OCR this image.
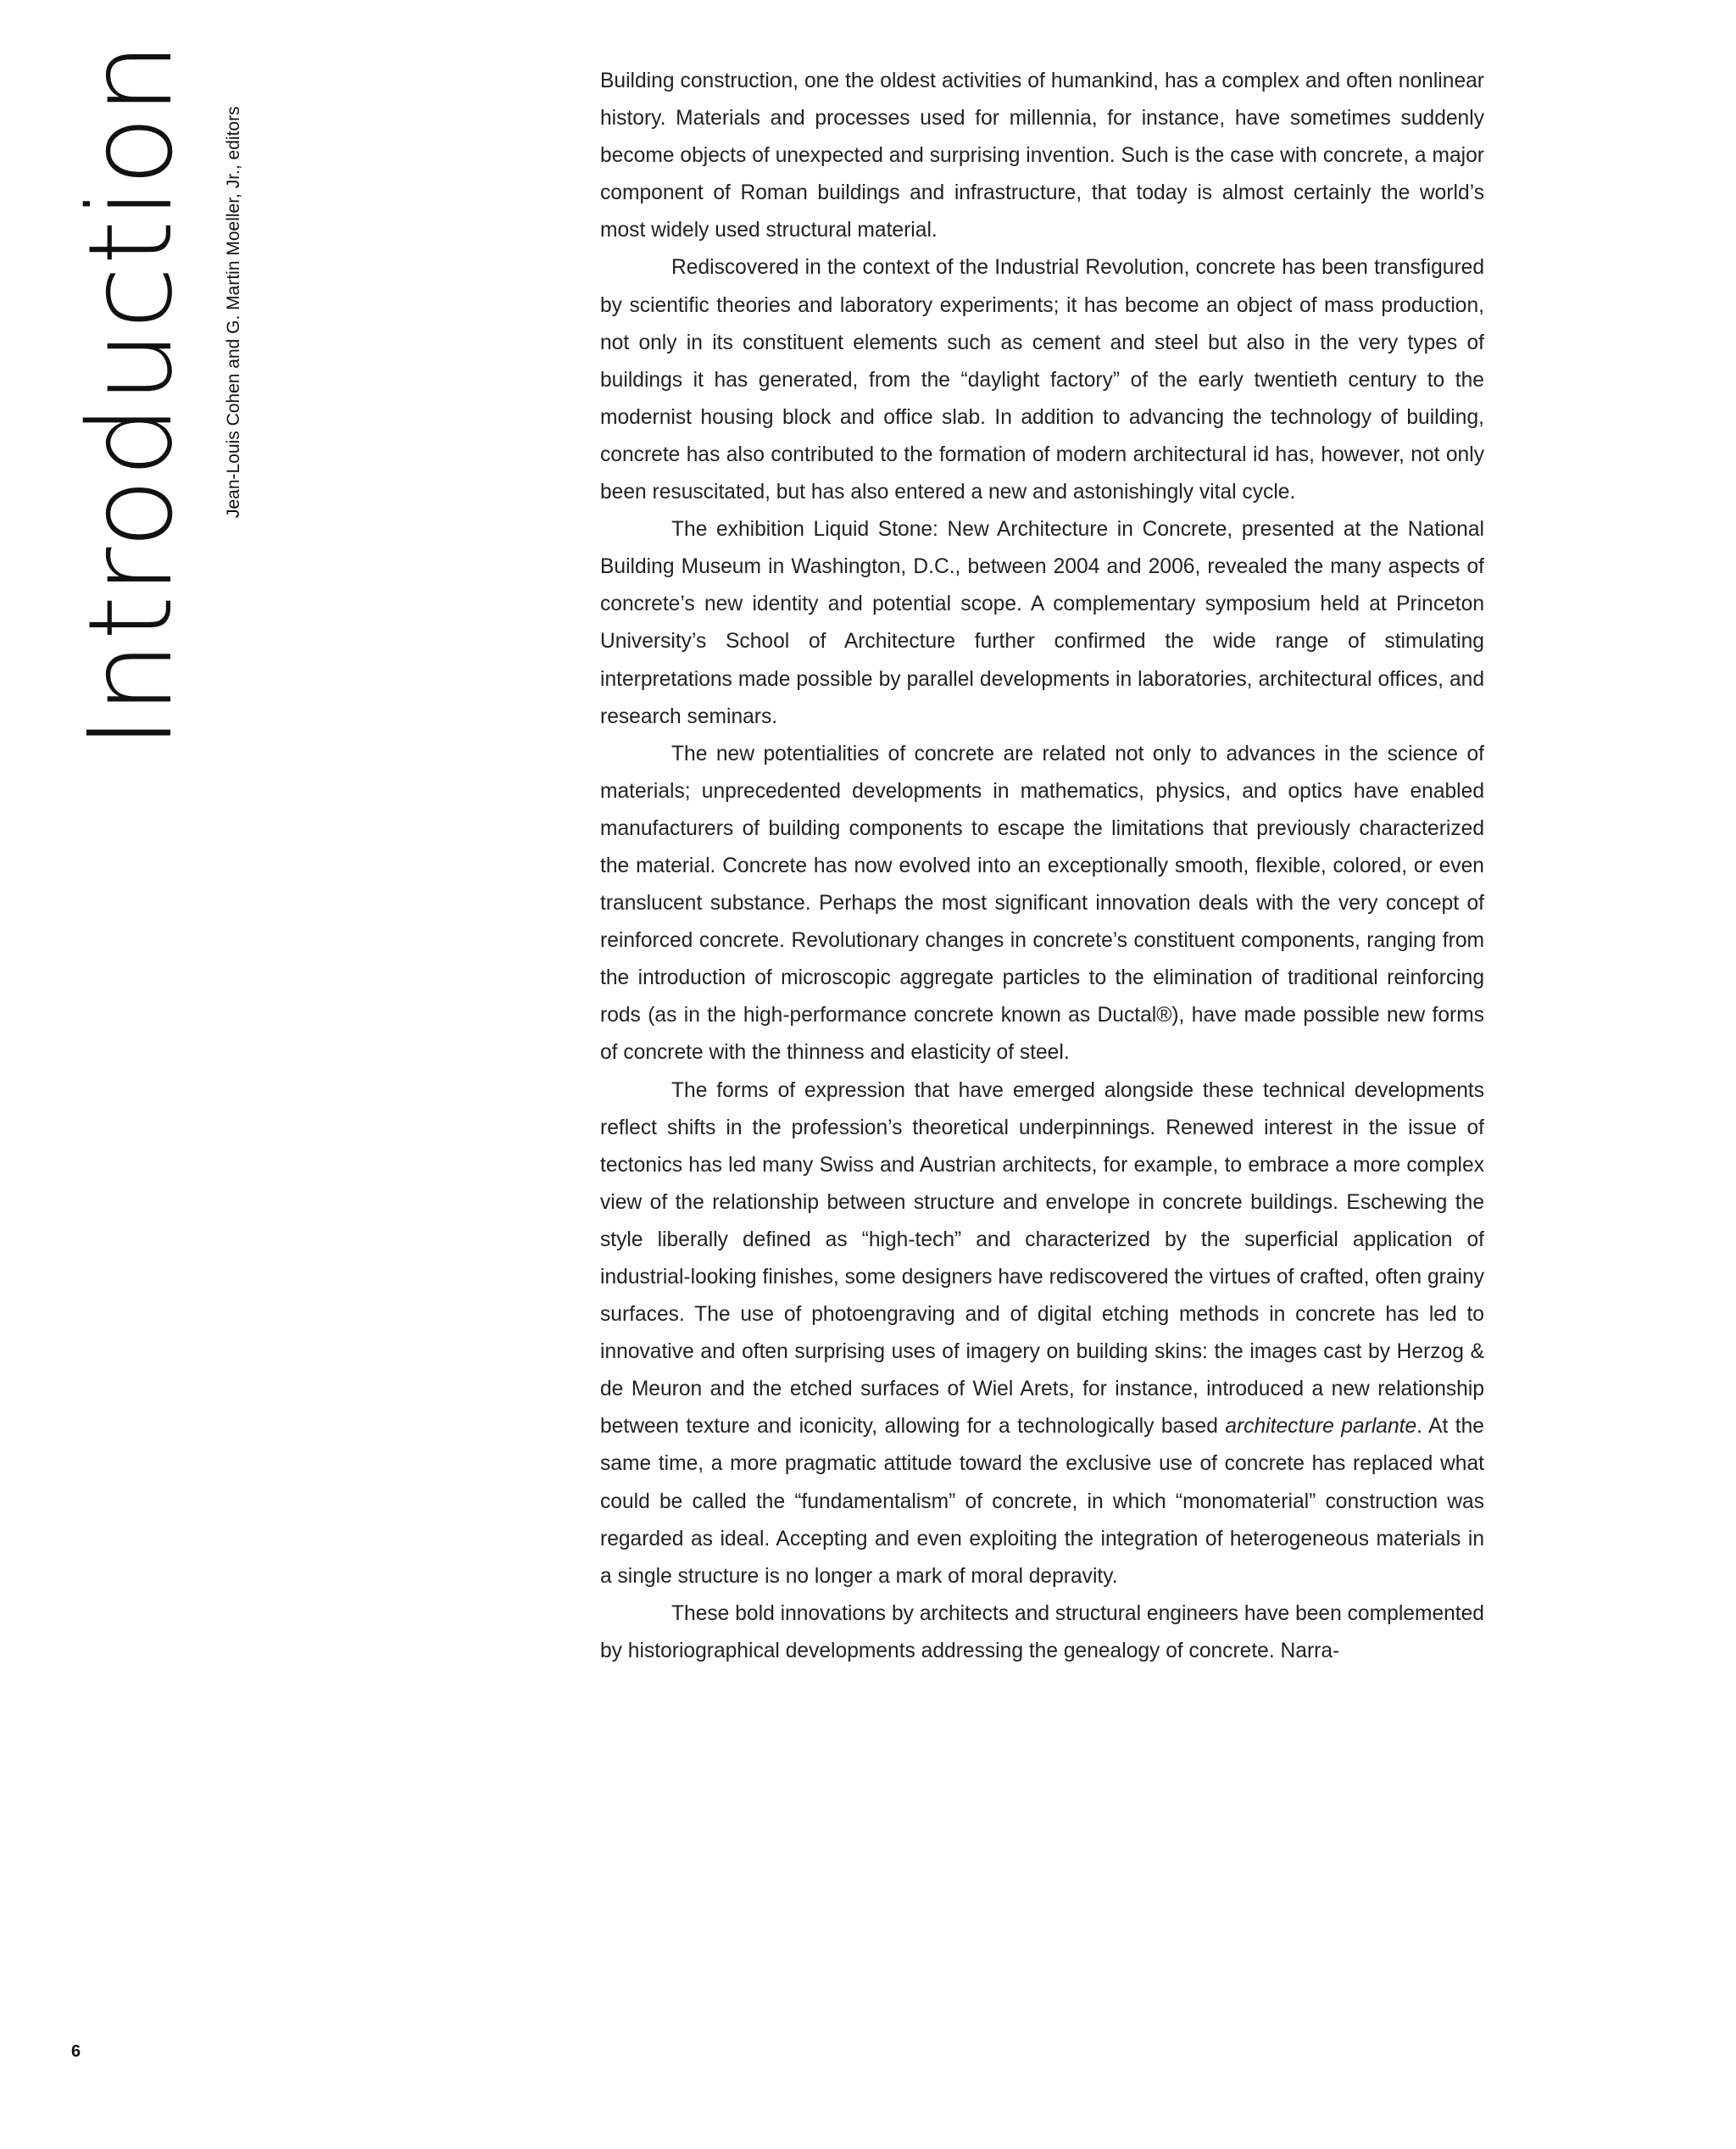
Introduction Jean-Louis Cohen and G. Martin Moeller, Jr., editors

Building construction, one the oldest activities of humankind, has a complex and often nonlinear history. Materials and processes used for millennia, for instance, have sometimes suddenly become objects of unexpected and surprising invention. Such is the case with concrete, a major component of Roman buildings and infrastructure, that today is almost certainly the world’s most widely used structural material.

Rediscovered in the context of the Industrial Revolution, concrete has been transfigured by scientific theories and laboratory experiments; it has become an object of mass production, not only in its constituent elements such as cement and steel but also in the very types of buildings it has generated, from the “daylight factory” of the early twentieth century to the modernist housing block and office slab. In addition to advancing the technology of building, concrete has also contributed to the formation of modern architectural id has, however, not only been resuscitated, but has also entered a new and astonishingly vital cycle.

The exhibition Liquid Stone: New Architecture in Concrete, presented at the National Building Museum in Washington, D.C., between 2004 and 2006, revealed the many aspects of concrete’s new identity and potential scope. A complementary symposium held at Princeton University’s School of Architecture further confirmed the wide range of stimulating interpretations made possible by parallel developments in laboratories, architectural offices, and research seminars.

The new potentialities of concrete are related not only to advances in the science of materials; unprecedented developments in mathematics, physics, and optics have enabled manufacturers of building components to escape the limitations that previously characterized the material. Concrete has now evolved into an exceptionally smooth, flexible, colored, or even translucent substance. Perhaps the most significant innovation deals with the very concept of reinforced concrete. Revolutionary changes in concrete’s constituent components, ranging from the introduction of microscopic aggregate particles to the elimination of traditional reinforcing rods (as in the high-performance concrete known as Ductal®), have made possible new forms of concrete with the thinness and elasticity of steel.

The forms of expression that have emerged alongside these technical developments reflect shifts in the profession’s theoretical underpinnings. Renewed interest in the issue of tectonics has led many Swiss and Austrian architects, for example, to embrace a more complex view of the relationship between structure and envelope in concrete buildings. Eschewing the style liberally defined as “high-tech” and characterized by the superficial application of industrial-looking finishes, some designers have rediscovered the virtues of crafted, often grainy surfaces. The use of photoengraving and of digital etching methods in concrete has led to innovative and often surprising uses of imagery on building skins: the images cast by Herzog & de Meuron and the etched surfaces of Wiel Arets, for instance, introduced a new relationship between texture and iconicity, allowing for a technologically based architecture parlante. At the same time, a more pragmatic attitude toward the exclusive use of concrete has replaced what could be called the “fundamentalism” of concrete, in which “monomaterial” construction was regarded as ideal. Accepting and even exploiting the integration of heterogeneous materials in a single structure is no longer a mark of moral depravity.

These bold innovations by architects and structural engineers have been complemented by historiographical developments addressing the genealogy of concrete. Narra-

6
